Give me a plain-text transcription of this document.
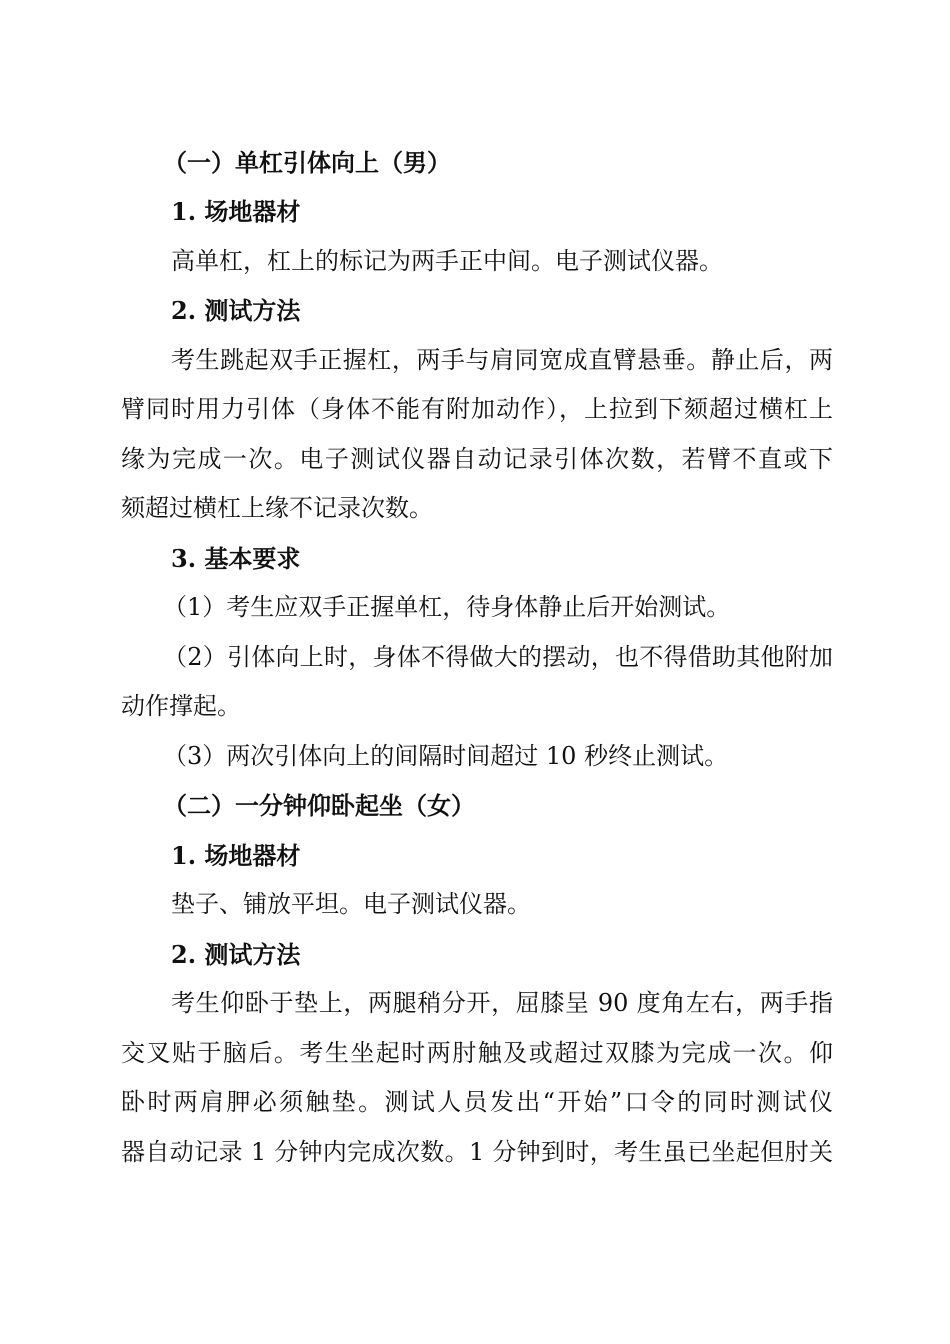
（一）单杠引体向上（男）
1. 场地器材
高单杠，杠上的标记为两手正中间。电子测试仪器。
2. 测试方法
考生跳起双手正握杠，两手与肩同宽成直臂悬垂。静止后，两
臂同时用力引体（身体不能有附加动作），上拉到下颏超过横杠上
缘为完成一次。电子测试仪器自动记录引体次数，若臂不直或下
颏超过横杠上缘不记录次数。
3. 基本要求
（1）考生应双手正握单杠，待身体静止后开始测试。
（2）引体向上时，身体不得做大的摆动，也不得借助其他附加
动作撑起。
（3）两次引体向上的间隔时间超过 10 秒终止测试。
（二）一分钟仰卧起坐（女）
1. 场地器材
垫子、铺放平坦。电子测试仪器。
2. 测试方法
考生仰卧于垫上，两腿稍分开，屈膝呈 90 度角左右，两手指
交叉贴于脑后。考生坐起时两肘触及或超过双膝为完成一次。仰
卧时两肩胛必须触垫。测试人员发出“开始”口令的同时测试仪
器自动记录 1 分钟内完成次数。1 分钟到时，考生虽已坐起但肘关
